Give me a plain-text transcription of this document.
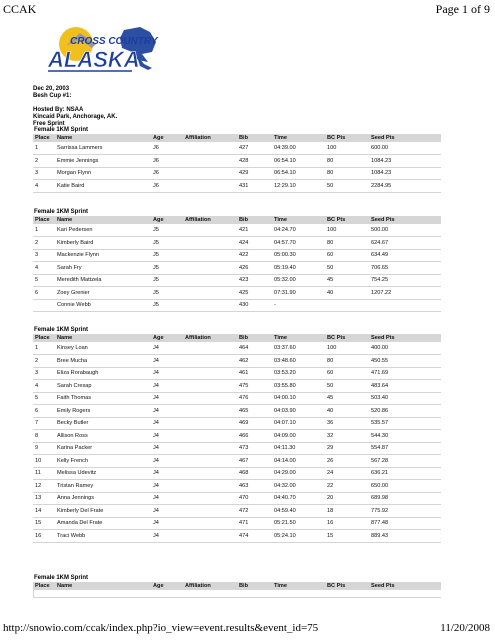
CCAK	Page 1 of 9
CROSS COUNTRY
ALASKA
Dec 20, 2003
Besh Cup #1:
Hosted By: NSAA
Kincaid Park, Anchorage, AK.
Free Sprint
Female 1KM Sprint
Place	Name	Age	Affiliation	Bib	Time	BC Pts	Seed Pts
1	Sarrissa Lammers	J6		427	04:39.00	100	600.00
2	Emmie Jennings	J6		428	06:54.10	80	1084.23
3	Morgan Flynn	J6		429	06:54.10	80	1084.23
4	Katie Baird	J6		431	12:29.10	50	2284.95
Female 1KM Sprint
Place	Name	Age	Affiliation	Bib	Time	BC Pts	Seed Pts
1	Kari Pedersen	J5		421	04:24.70	100	500.00
2	Kimberly Baird	J5		424	04:57.70	80	624.67
3	Mackenzie Flynn	J5		422	05:00.30	60	634.49
4	Sarah Fry	J5		426	05:19.40	50	706.65
5	Meredith Mattzela	J5		423	05:32.00	45	754.25
6	Zoey Grenier	J5		425	07:31.90	40	1207.22
	Connie Webb	J5		430	-		
Female 1KM Sprint
Place	Name	Age	Affiliation	Bib	Time	BC Pts	Seed Pts
1	Kinsey Loan	J4		464	03:37.60	100	400.00
2	Bree Mucha	J4		462	03:48.60	80	450.55
3	Eliza Rorabaugh	J4		461	03:53.20	60	471.69
4	Sarah Cresap	J4		475	03:55.80	50	483.64
5	Faith Thomas	J4		476	04:00.10	45	503.40
6	Emily Rogers	J4		465	04:03.90	40	520.86
7	Becky Butler	J4		469	04:07.10	36	535.57
8	Allison Ross	J4		466	04:09.00	32	544.30
9	Karina Packer	J4		473	04:11.30	29	554.87
10	Kelly French	J4		467	04:14.00	26	567.28
11	Melissa Udevitz	J4		468	04:29.00	24	636.21
12	Tristan Ramey	J4		463	04:32.00	22	650.00
13	Anna Jennings	J4		470	04:40.70	20	689.98
14	Kimberly Del Frate	J4		472	04:59.40	18	775.92
15	Amanda Del Frate	J4		471	05:21.50	16	877.48
16	Traci Webb	J4		474	05:24.10	15	889.43
Female 1KM Sprint
Place	Name	Age	Affiliation	Bib	Time	BC Pts	Seed Pts
http://snowio.com/ccak/index.php?io_view=event.results&event_id=75	11/20/2008
